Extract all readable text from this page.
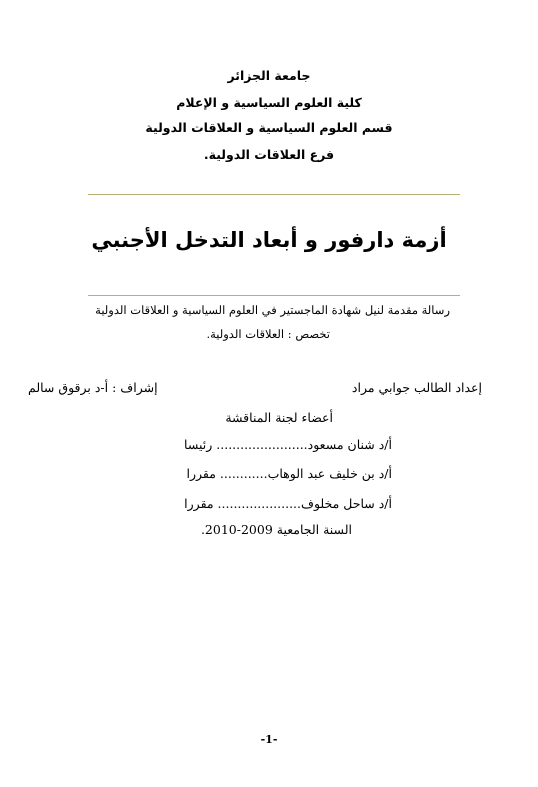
جامعة الجزائر
كلية العلوم السياسية و الإعلام
قسم العلوم السياسية و العلاقات الدولية
فرع العلاقات الدولية.
أزمة دارفور و أبعاد التدخل الأجنبي
رسالة مقدمة لنيل شهادة الماجستير في العلوم السياسية و العلاقات الدولية
تخصص : العلاقات الدولية.
إعداد الطالب جوابي مراد
إشراف : أ-د برقوق سالم
أعضاء لجنة المناقشة
أ/د شنان مسعود....................... رئيسا
أ/د بن خليف عبد الوهاب............ مقررا
أ/د ساحل مخلوف..................... مقررا
السنة الجامعية 2009-2010.
-1-
